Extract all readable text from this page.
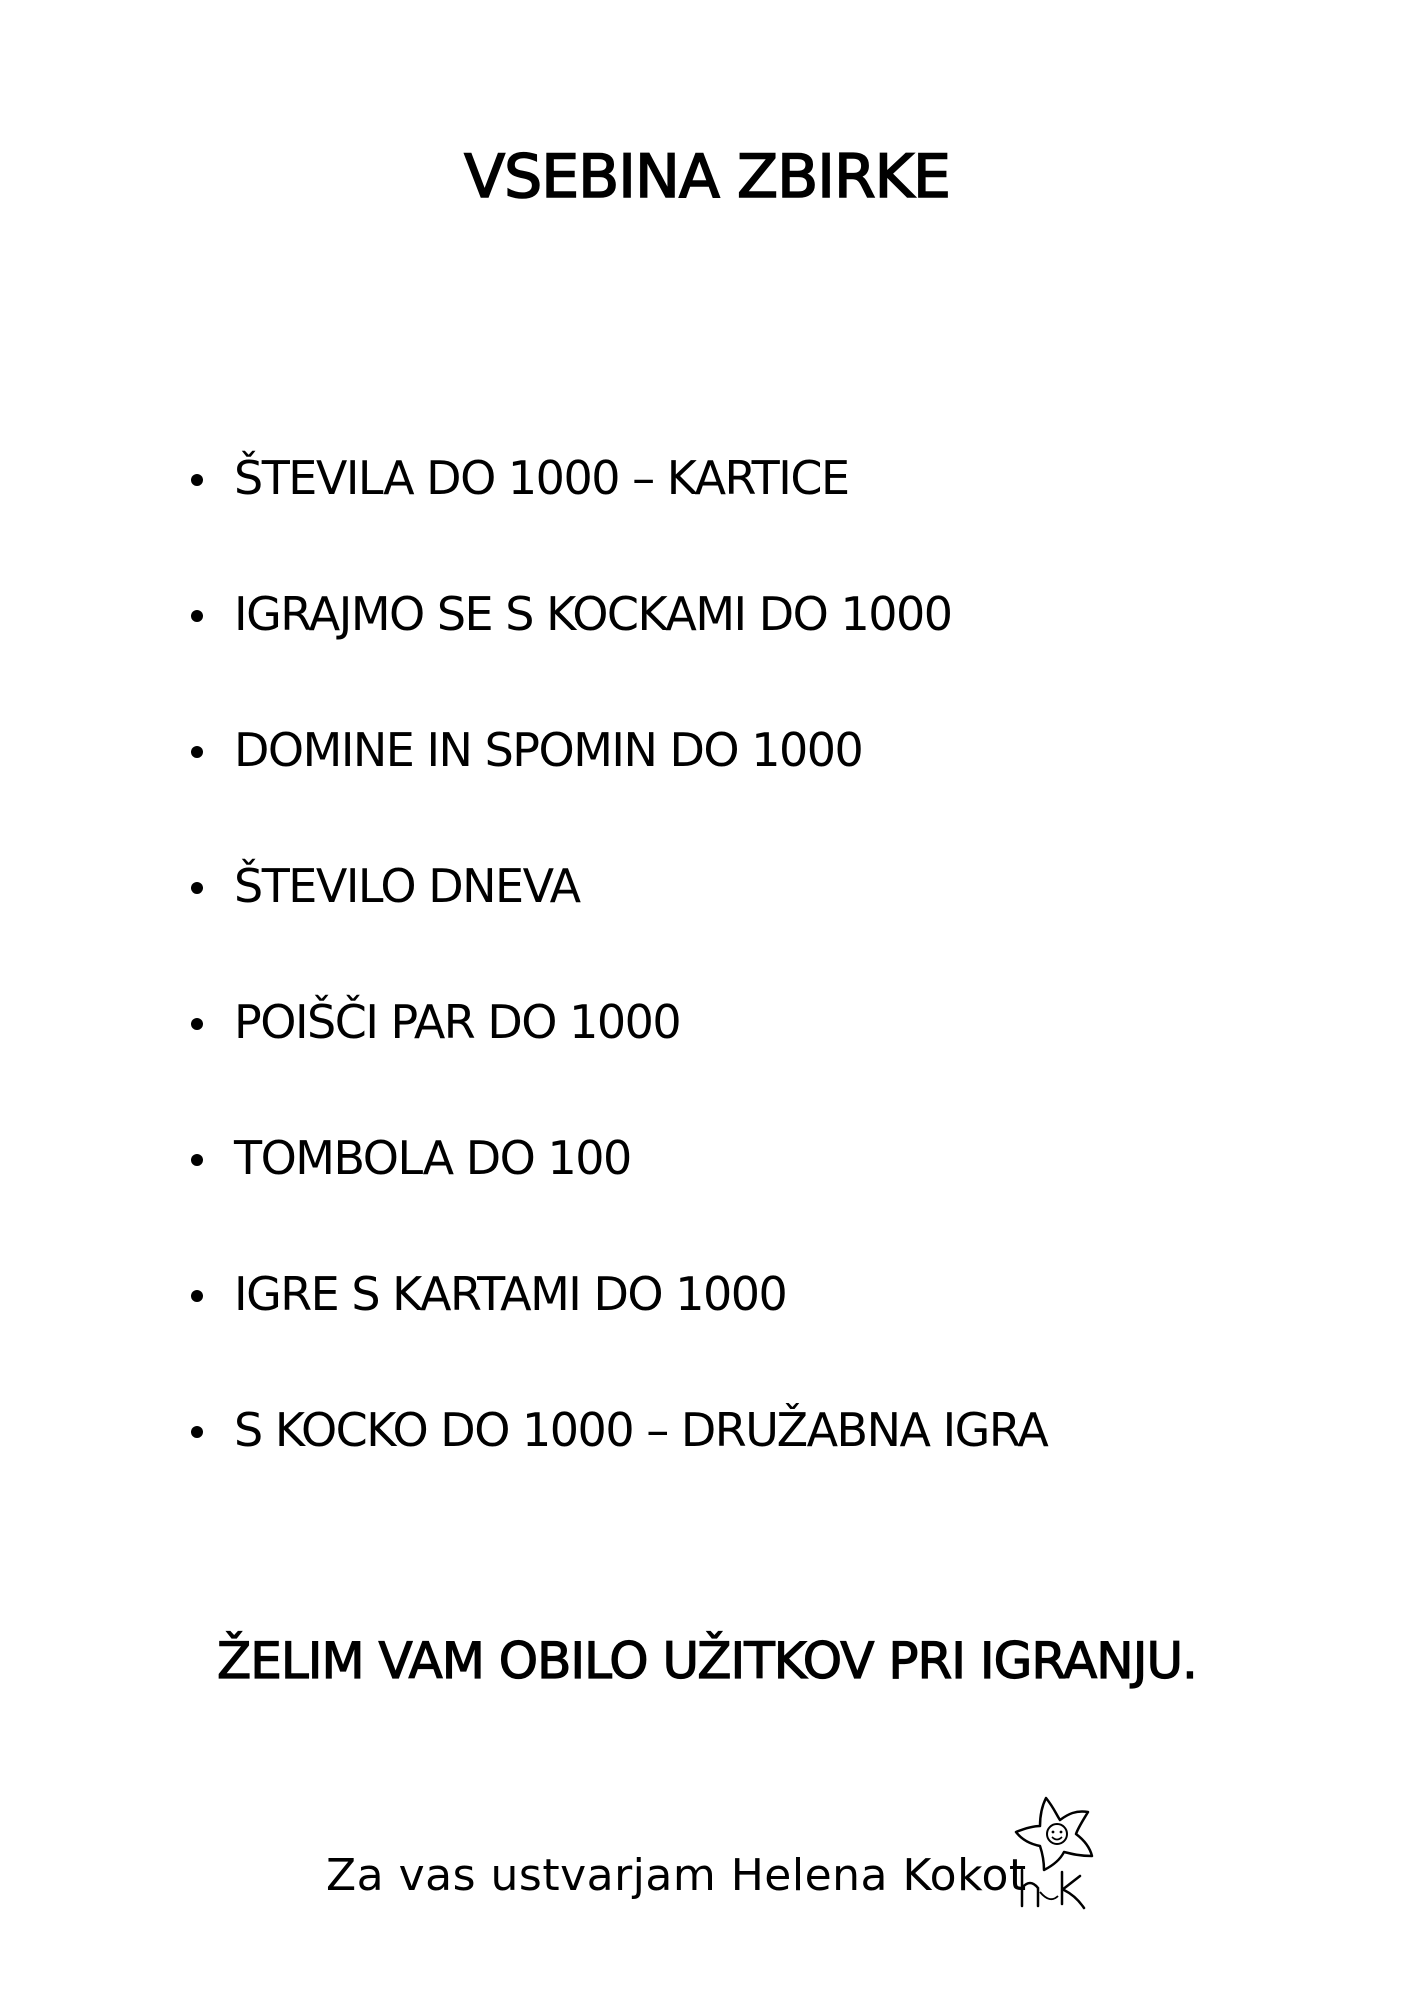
VSEBINA ZBIRKE
ŠTEVILA DO 1000 – KARTICE
IGRAJMO SE S KOCKAMI DO 1000
DOMINE IN SPOMIN DO 1000
ŠTEVILO DNEVA
POIŠČI PAR DO 1000
TOMBOLA DO 100
IGRE S KARTAMI DO 1000
S KOCKO DO 1000 – DRUŽABNA IGRA

ŽELIM VAM OBILO UŽITKOV PRI IGRANJU.

Za vas ustvarjam Helena Kokot
